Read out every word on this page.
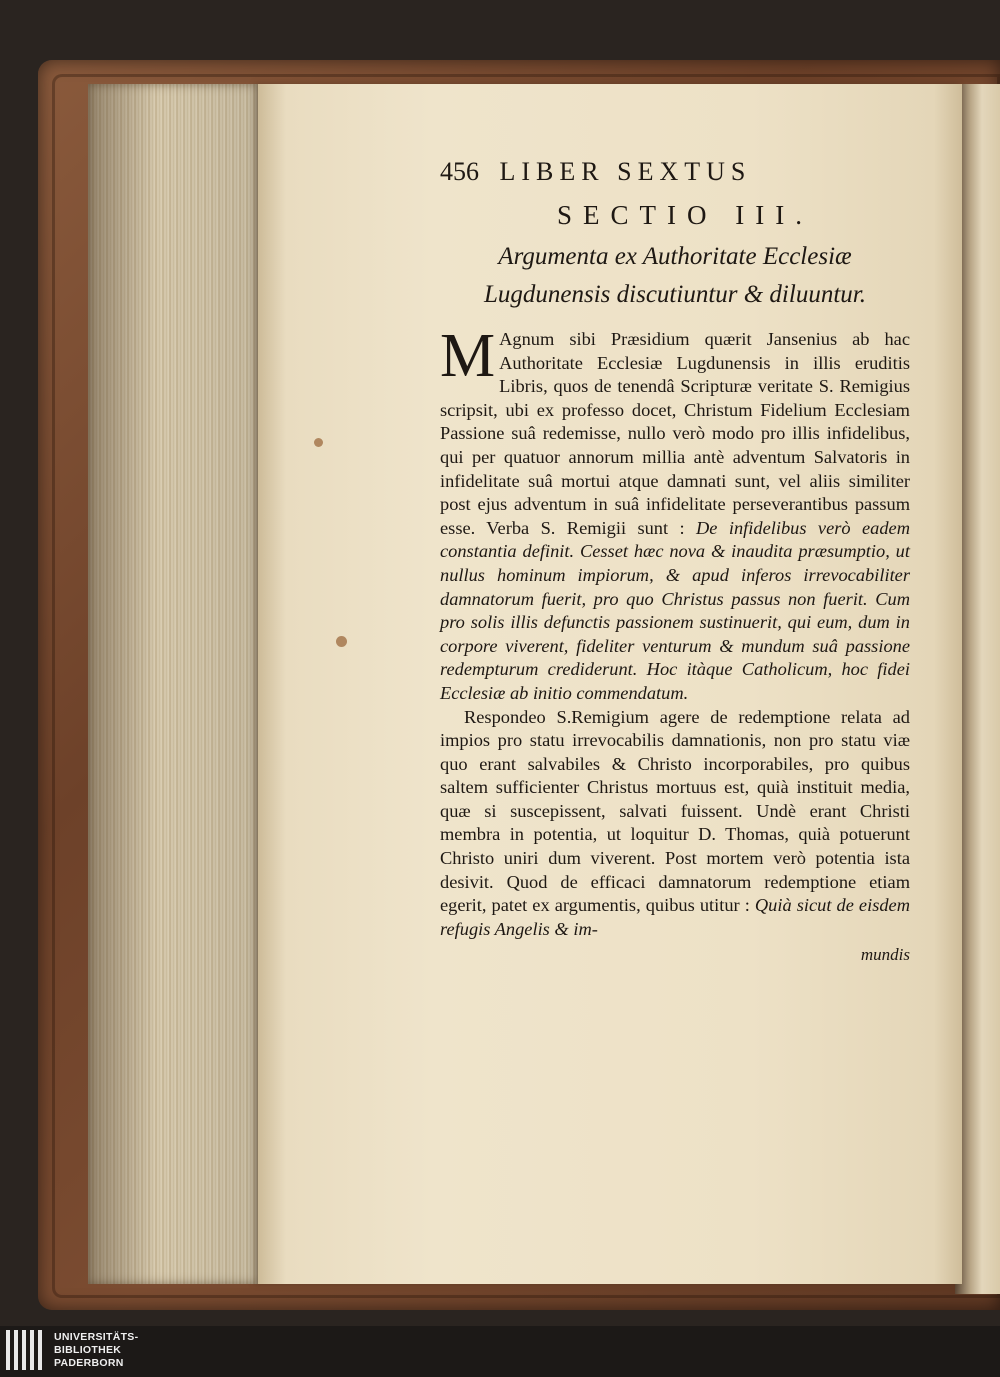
456 LIBER SEXTUS
SECTIO III.
Argumenta ex Authoritate Ecclesiæ Lugdunensis discutiuntur & diluuntur.
M Agnum sibi Præsidium quærit Jansenius ab hac Authoritate Ecclesiæ Lugdunensis in illis eruditis Libris, quos de tenendâ Scripturæ veritate S. Remigius scripsit, ubi ex professo docet, Christum Fidelium Ecclesiam Passione suâ redemisse, nullo verò modo pro illis infidelibus, qui per quatuor annorum millia antè adventum Salvatoris in infidelitate suâ mortui atque damnati sunt, vel aliis similiter post ejus adventum in suâ infidelitate perseverantibus passum esse. Verba S. Remigii sunt : De infidelibus verò eadem constantia definit. Cesset hæc nova & inaudita præsumptio, ut nullus hominum impiorum, & apud inferos irrevocabiliter damnatorum fuerit, pro quo Christus passus non fuerit. Cum pro solis illis defunctis passionem sustinuerit, qui eum, dum in corpore viverent, fideliter venturum & mundum suâ passione redempturum crediderunt. Hoc itàque Catholicum, hoc fidei Ecclesiæ ab initio commendatum.

Respondeo S.Remigium agere de redemptione relata ad impios pro statu irrevocabilis damnationis, non pro statu viæ quo erant salvabiles & Christo incorporabiles, pro quibus saltem sufficienter Christus mortuus est, quià instituit media, quæ si suscepissent, salvati fuissent. Undè erant Christi membra in potentia, ut loquitur D. Thomas, quià potuerunt Christo uniri dum viverent. Post mortem verò potentia ista desivit. Quod de efficaci damnatorum redemptione etiam egerit, patet ex argumentis, quibus utitur : Quià sicut de eisdem refugis Angelis & im-

mundis
UNIVERSITÄTS-
BIBLIOTHEK
PADERBORN
